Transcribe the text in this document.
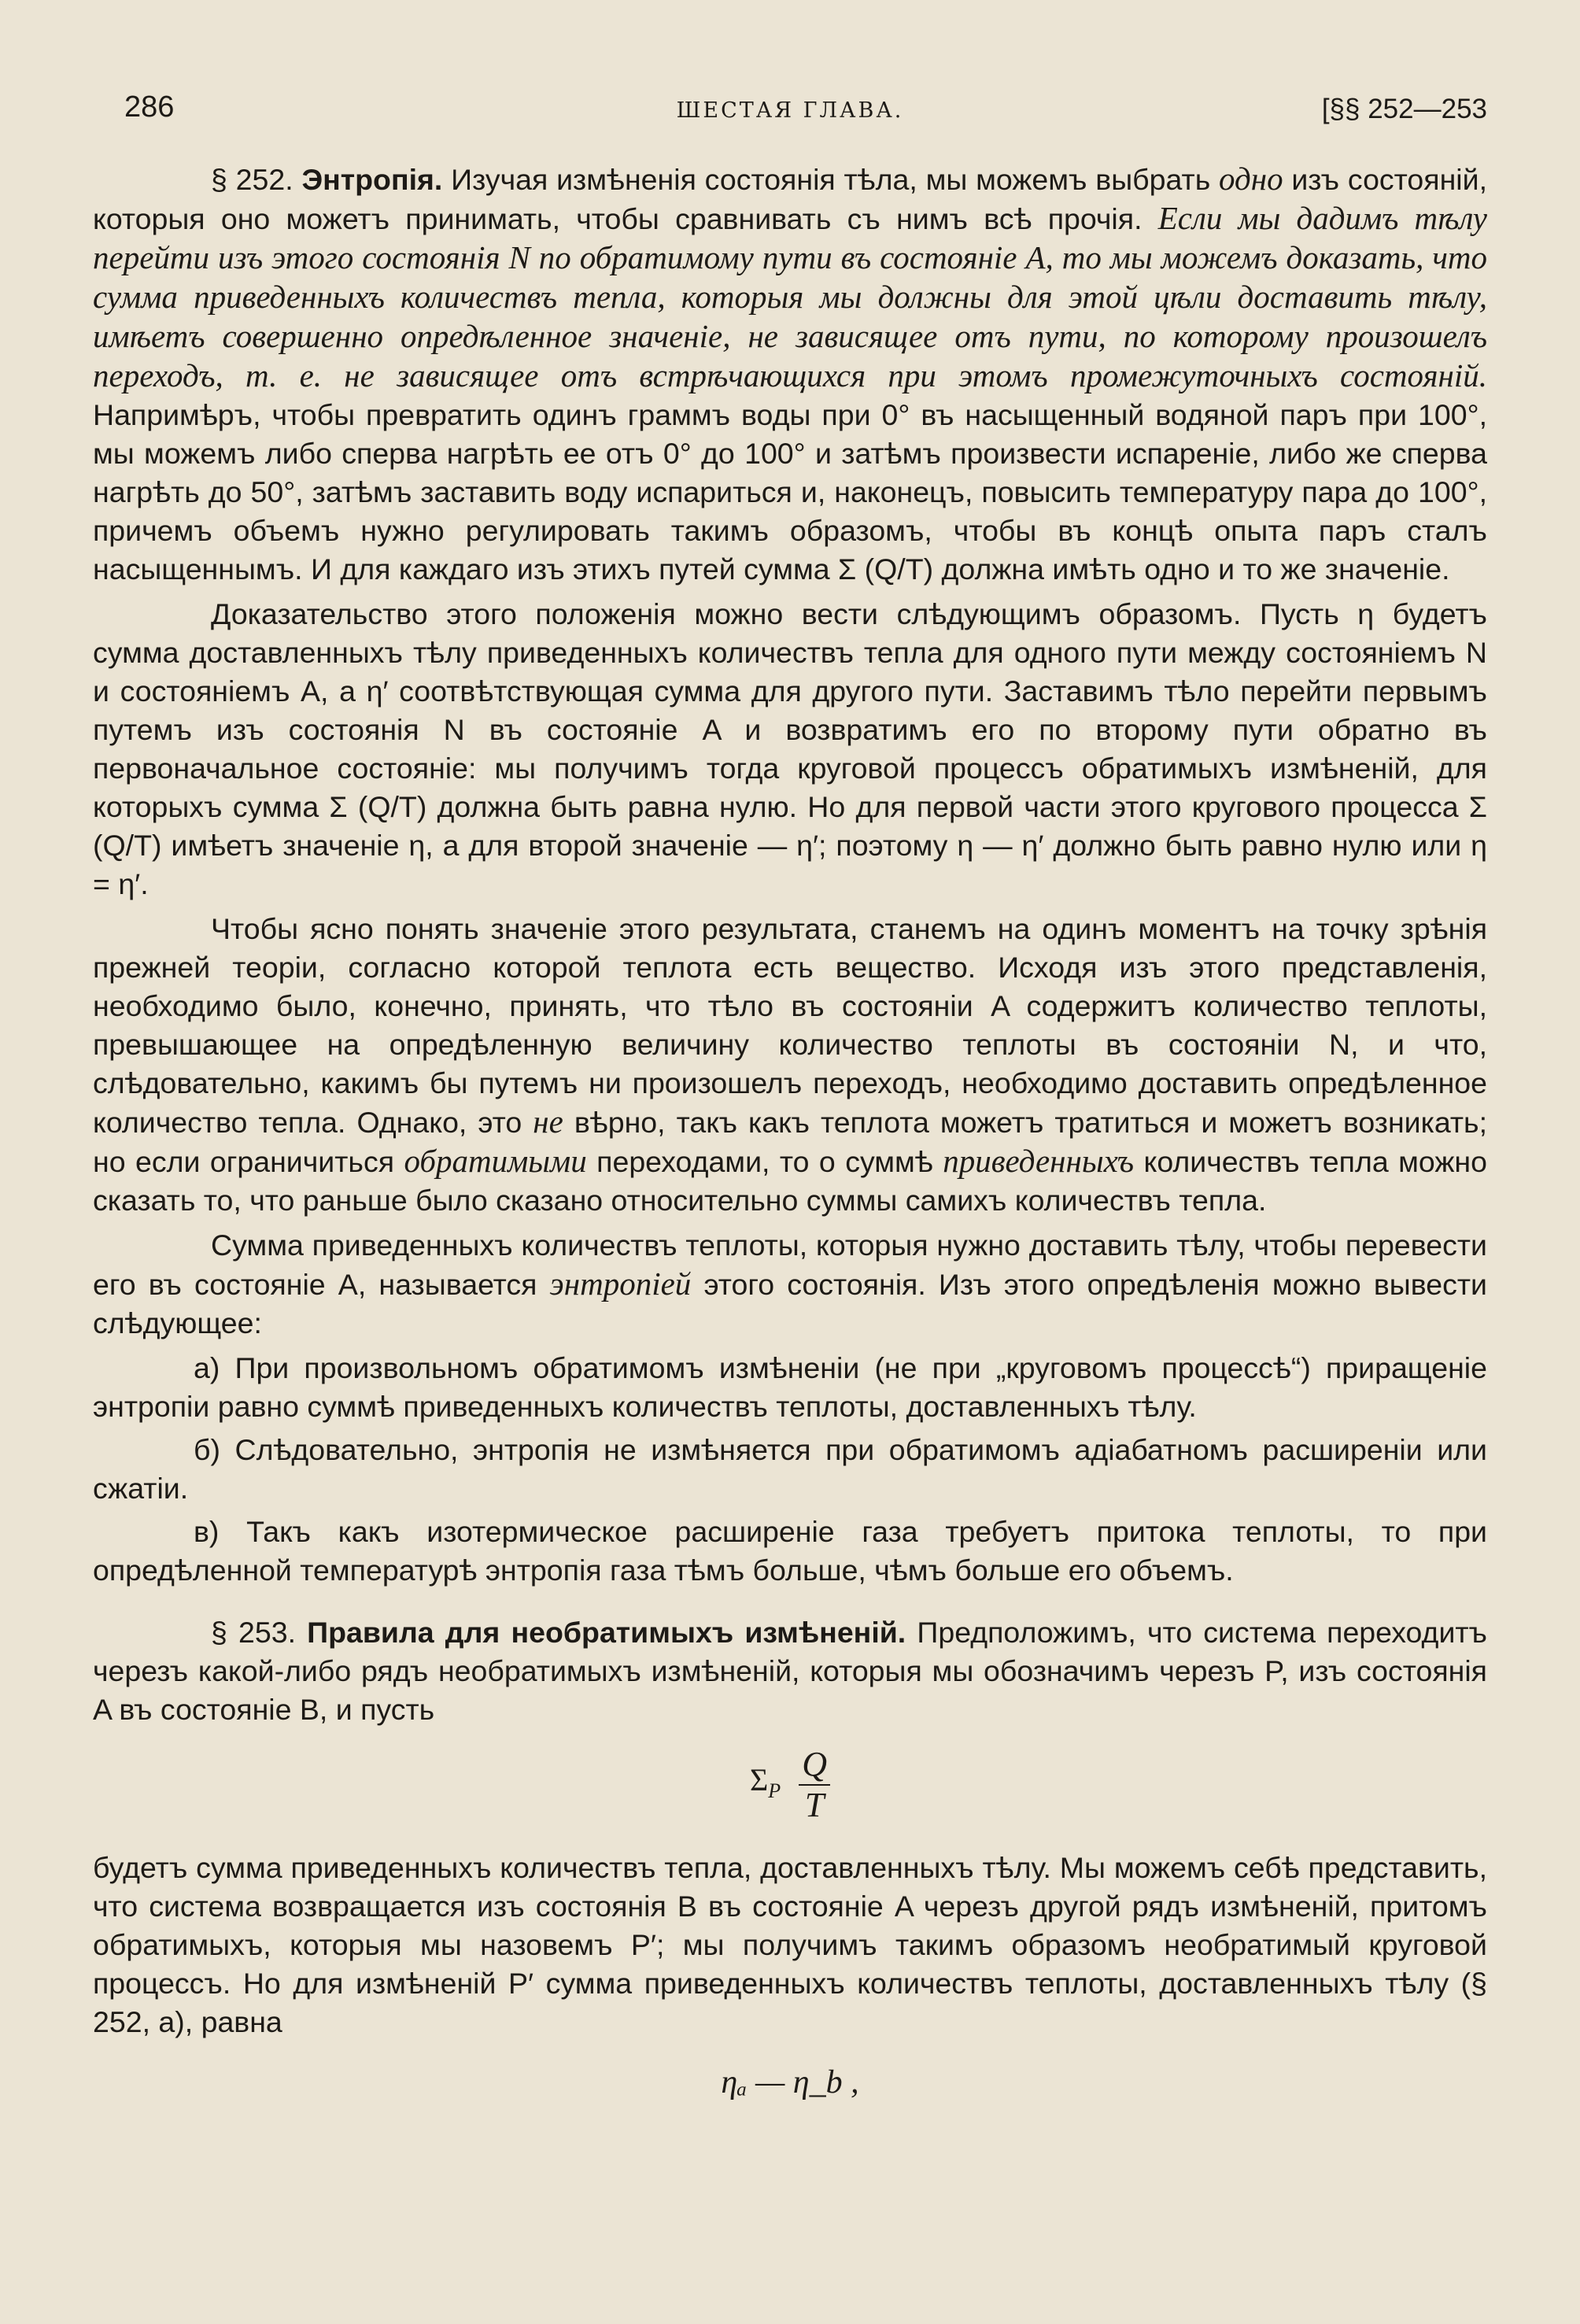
286	ШЕСТАЯ ГЛАВА.	[§§ 252—253

§ 252. Энтропія. Изучая измѣненія состоянія тѣла, мы можемъ выбрать одно изъ состояній, которыя оно можетъ принимать, чтобы сравнивать съ нимъ всѣ прочія. Если мы дадимъ тѣлу перейти изъ этого состоянія N по обратимому пути въ состояніе A, то мы можемъ доказать, что сумма приведенныхъ количествъ тепла, которыя мы должны для этой цѣли доставить тѣлу, имѣетъ совершенно опредѣленное значеніе, не зависящее отъ пути, по которому произошелъ переходъ, т. е. не зависящее отъ встрѣчающихся при этомъ промежуточныхъ состояній. Напримѣръ, чтобы превратить одинъ граммъ воды при 0° въ насыщенный водяной паръ при 100°, мы можемъ либо сперва нагрѣть ее отъ 0° до 100° и затѣмъ произвести испареніе, либо же сперва нагрѣть до 50°, затѣмъ заставить воду испариться и, наконецъ, повысить температуру пара до 100°, причемъ объемъ нужно регулировать такимъ образомъ, чтобы въ концѣ опыта паръ сталъ насыщеннымъ. И для каждаго изъ этихъ путей сумма Σ (Q/T) должна имѣть одно и то же значеніе.

Доказательство этого положенія можно вести слѣдующимъ образомъ. Пусть η будетъ сумма доставленныхъ тѣлу приведенныхъ количествъ тепла для одного пути между состояніемъ N и состояніемъ A, а η′ соотвѣтствующая сумма для другого пути. Заставимъ тѣло перейти первымъ путемъ изъ состоянія N въ состояніе A и возвратимъ его по второму пути обратно въ первоначальное состояніе: мы получимъ тогда круговой процессъ обратимыхъ измѣненій, для которыхъ сумма Σ (Q/T) должна быть равна нулю. Но для первой части этого кругового процесса Σ (Q/T) имѣетъ значеніе η, а для второй значеніе — η′; поэтому η — η′ должно быть равно нулю или η = η′.

Чтобы ясно понять значеніе этого результата, станемъ на одинъ моментъ на точку зрѣнія прежней теоріи, согласно которой теплота есть вещество. Исходя изъ этого представленія, необходимо было, конечно, принять, что тѣло въ состояніи A содержитъ количество теплоты, превышающее на опредѣленную величину количество теплоты въ состояніи N, и что, слѣдовательно, какимъ бы путемъ ни произошелъ переходъ, необходимо доставить опредѣленное количество тепла. Однако, это не вѣрно, такъ какъ теплота можетъ тратиться и можетъ возникать; но если ограничиться обратимыми переходами, то о суммѣ приведенныхъ количествъ тепла можно сказать то, что раньше было сказано относительно суммы самихъ количествъ тепла.

Сумма приведенныхъ количествъ теплоты, которыя нужно доставить тѣлу, чтобы перевести его въ состояніе A, называется энтропіей этого состоянія. Изъ этого опредѣленія можно вывести слѣдующее:

а) При произвольномъ обратимомъ измѣненіи (не при „круговомъ процессѣ“) приращеніе энтропіи равно суммѣ приведенныхъ количествъ теплоты, доставленныхъ тѣлу.

б) Слѣдовательно, энтропія не измѣняется при обратимомъ адіабатномъ расширеніи или сжатіи.

в) Такъ какъ изотермическое расширеніе газа требуетъ притока теплоты, то при опредѣленной температурѣ энтропія газа тѣмъ больше, чѣмъ больше его объемъ.

§ 253. Правила для необратимыхъ измѣненій. Предположимъ, что система переходитъ черезъ какой-либо рядъ необратимыхъ измѣненій, которыя мы обозначимъ черезъ P, изъ состоянія A въ состояніе B, и пусть

$\Sigma_P \frac{Q}{T}$

будетъ сумма приведенныхъ количествъ тепла, доставленныхъ тѣлу. Мы можемъ себѣ представить, что система возвращается изъ состоянія B въ состояніе A черезъ другой рядъ измѣненій, притомъ обратимыхъ, которыя мы назовемъ P′; мы получимъ такимъ образомъ необратимый круговой процессъ. Но для измѣненій P′ сумма приведенныхъ количествъ теплоты, доставленныхъ тѣлу (§ 252, а), равна

ηₐ — η_b ,
